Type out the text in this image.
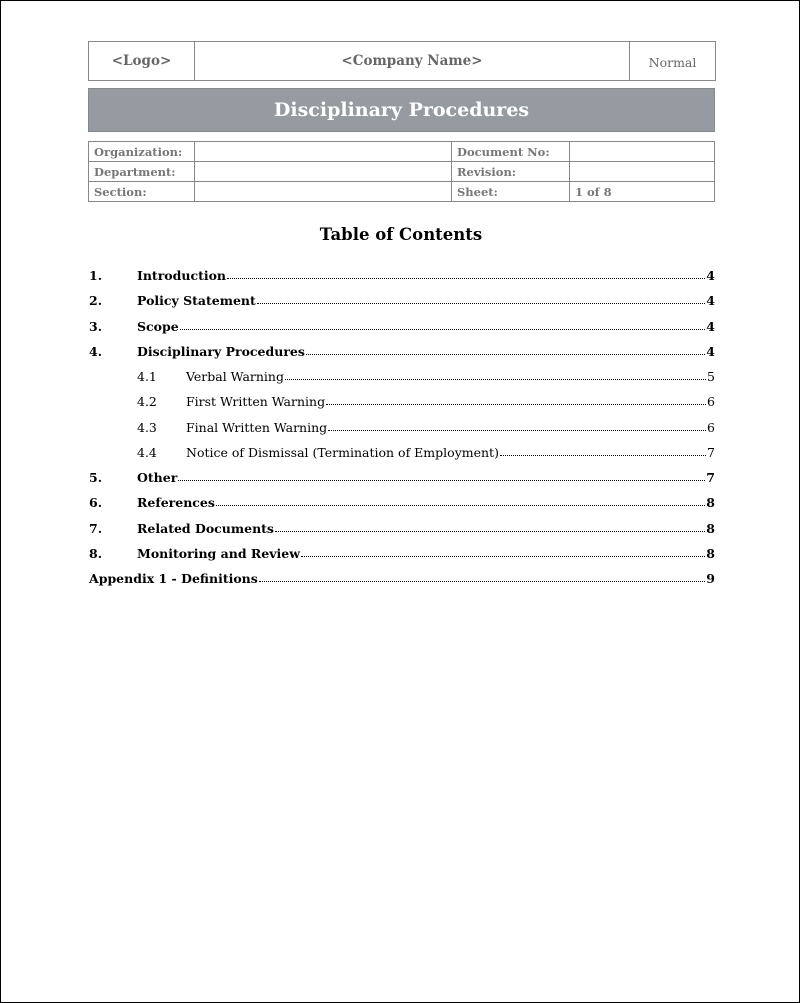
<Logo>	<Company Name>	Normal
Disciplinary Procedures
Organization:		Document No:	
Department:		Revision:	
Section:		Sheet:	1 of 8
Table of Contents
1.	Introduction	4
2.	Policy Statement	4
3.	Scope	4
4.	Disciplinary Procedures	4
4.1	Verbal Warning	5
4.2	First Written Warning	6
4.3	Final Written Warning	6
4.4	Notice of Dismissal (Termination of Employment)	7
5.	Other	7
6.	References	8
7.	Related Documents	8
8.	Monitoring and Review	8
Appendix 1 - Definitions	9
